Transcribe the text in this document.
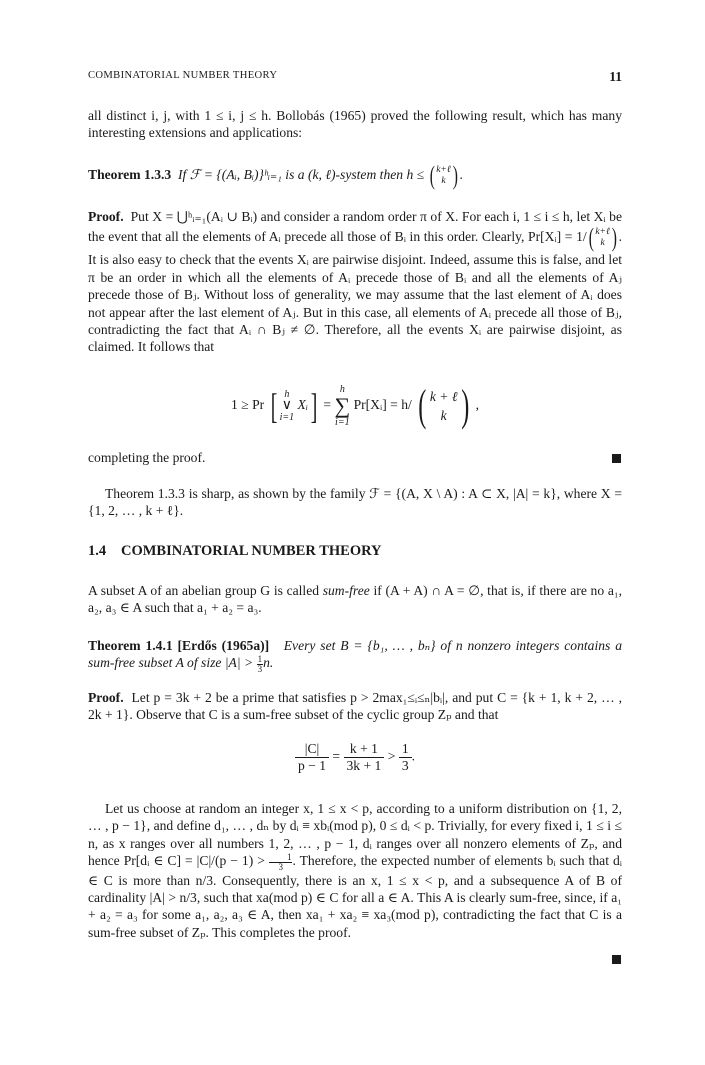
COMBINATORIAL NUMBER THEORY	11

all distinct i, j, with 1 ≤ i, j ≤ h. Bollobás (1965) proved the following result, which has many interesting extensions and applications:

Theorem 1.3.3 If ℱ = {(Aᵢ, Bᵢ)}ʰᵢ₌₁ is a (k, ℓ)-system then h ≤ ( k+ℓ
k ) .

Proof. Put X = ⋃ʰᵢ₌₁(Aᵢ ∪ Bᵢ) and consider a random order π of X. For each i, 1 ≤ i ≤ h, let Xᵢ be the event that all the elements of Aᵢ precede all those of Bᵢ in this order. Clearly, Pr[Xᵢ] = 1/( k+ℓ
k ) . It is also easy to check that the events Xᵢ are pairwise disjoint. Indeed, assume this is false, and let π be an order in which all the elements of Aᵢ precede those of Bᵢ and all the elements of Aⱼ precede those of Bⱼ. Without loss of generality, we may assume that the last element of Aᵢ does not appear after the last element of Aⱼ. But in this case, all elements of Aᵢ precede all those of Bⱼ, contradicting the fact that Aᵢ ∩ Bⱼ ≠ ∅. Therefore, all the events Xᵢ are pairwise disjoint, as claimed. It follows that

1 ≥ Pr [ h
∨
i=1 Xᵢ] = h
∑
i=1 Pr[Xᵢ] = h/ ( k + ℓ
k ) ,

completing the proof.

Theorem 1.3.3 is sharp, as shown by the family ℱ = {(A, X \ A) : A ⊂ X, |A| = k}, where X = {1, 2, … , k + ℓ}.

1.4 COMBINATORIAL NUMBER THEORY

A subset A of an abelian group G is called sum-free if (A + A) ∩ A = ∅, that is, if there are no a₁, a₂, a₃ ∈ A such that a₁ + a₂ = a₃.

Theorem 1.4.1 [Erdős (1965a)] Every set B = {b₁, … , bₙ} of n nonzero integers contains a sum-free subset A of size $|A| > \frac{1}{3}n$.

Proof. Let p = 3k + 2 be a prime that satisfies p > 2max₁≤ᵢ≤ₙ|bᵢ|, and put C = {k + 1, k + 2, … , 2k + 1}. Observe that C is a sum-free subset of the cyclic group Zₚ and that

$\frac{|C|}{p - 1} = \frac{k + 1}{3k + 1} > \frac{1}{3}$ .

Let us choose at random an integer x, 1 ≤ x < p, according to a uniform distribution on {1, 2, … , p − 1}, and define d₁, … , dₙ by dᵢ ≡ xbᵢ(mod p), 0 ≤ dᵢ < p. Trivially, for every fixed i, 1 ≤ i ≤ n, as x ranges over all numbers 1, 2, … , p − 1, dᵢ ranges over all nonzero elements of Zₚ, and hence Pr[dᵢ ∈ $C] = |C|/(p - 1) > \frac{1}{3}$. Therefore, the expected number of elements bᵢ such that dᵢ ∈ C is more than n/3. Consequently, there is an x, 1 ≤ x < p, and a subsequence A of B of cardinality |A| > n/3, such that xa(mod p) ∈ C for all a ∈ A. This A is clearly sum-free, since, if a₁ + a₂ = a₃ for some a₁, a₂, a₃ ∈ A, then xa₁ + xa₂ ≡ xa₃(mod p), contradicting the fact that C is a sum-free subset of Zₚ. This completes the proof.
